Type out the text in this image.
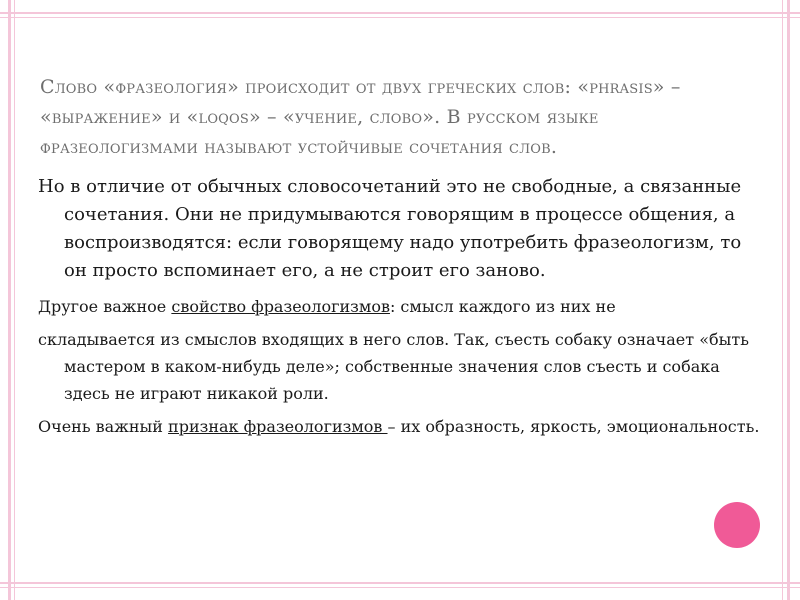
Слово «фразеология» происходит от двух греческих слов: «phrasis» – «выражение» и «loqos» – «учение, слово». В русском языке фразеологизмами называют устойчивые сочетания слов.

Но в отличие от обычных словосочетаний это не свободные, а связанные сочетания. Они не придумываются говорящим в процессе общения, а воспроизводятся: если говорящему надо употребить фразеологизм, то он просто вспоминает его, а не строит его заново.

Другое важное свойство фразеологизмов: смысл каждого из них не

складывается из смыслов входящих в него слов. Так, съесть собаку означает «быть мастером в каком-нибудь деле»; собственные значения слов съесть и собака здесь не играют никакой роли.

Очень важный признак фразеологизмов – их образность, яркость, эмоциональность.
